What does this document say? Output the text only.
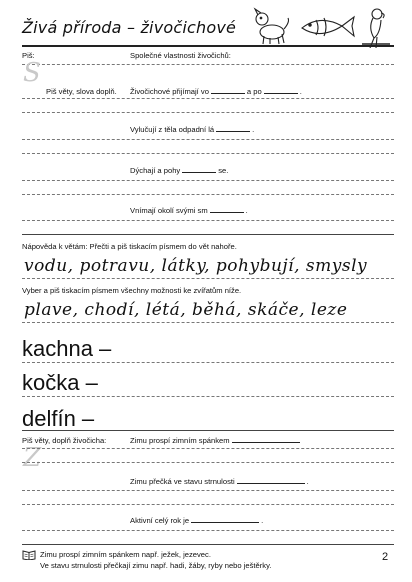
Živá příroda – živočichové
Piš:	Společné vlastnosti živočichů:
S
Piš věty, slova doplň. Živočichové přijímají vo	a po	.
Vylučují z těla odpadní lá	.
Dýchají a pohy	se.
Vnímají okolí svými sm	.
Nápověda k větám: Přečti a piš tiskacím písmem do vět nahoře.
vodu, potravu, látky, pohybují, smysly
Vyber a piš tiskacím písmem všechny možnosti ke zvířatům níže.
plave, chodí, létá, běhá, skáče, leze
kachna –
kočka –
delfín –
Piš věty, doplň živočicha:
Z
Zimu prospí zimním spánkem
Zimu přečká ve stavu strnulosti	.
Aktivní celý rok je	.
Zimu prospí zimním spánkem např. ježek, jezevec.
Ve stavu strnulosti přečkají zimu např. hadi, žáby, ryby nebo ještěrky.
2
